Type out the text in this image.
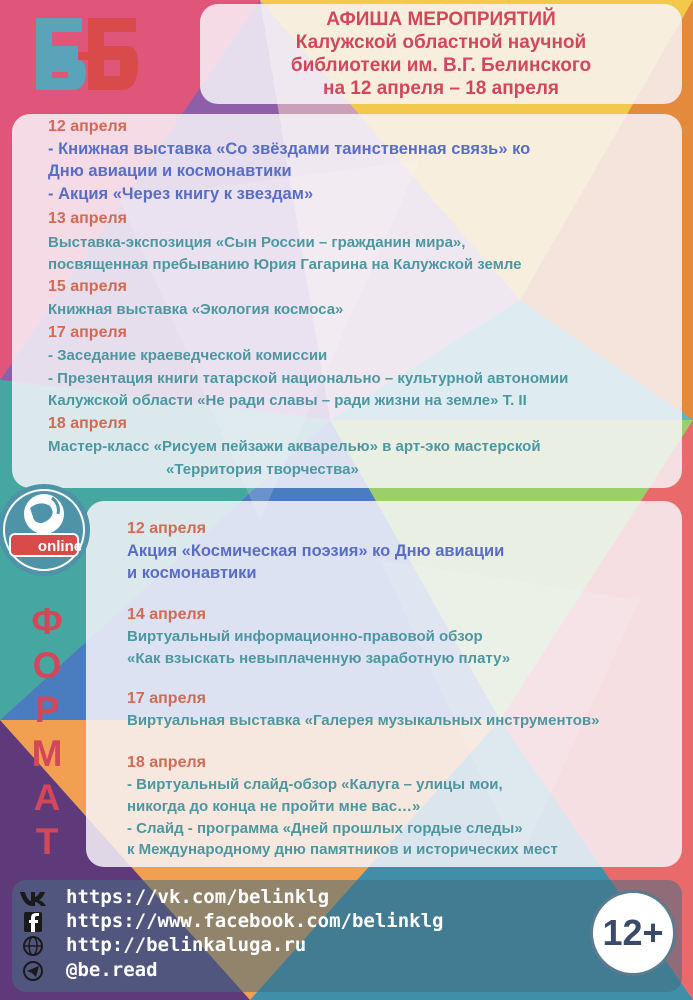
АФИША МЕРОПРИЯТИЙ
Калужской областной научной
библиотеки им. В.Г. Белинского
на 12 апреля – 18 апреля
12 апреля
- Книжная выставка «Со звёздами таинственная связь» ко
Дню авиации и космонавтики
- Акция «Через книгу к звездам»
13 апреля
Выставка-экспозиция «Сын России – гражданин мира»,
посвященная пребыванию Юрия Гагарина на Калужской земле
15 апреля
Книжная выставка «Экология космоса»
17 апреля
- Заседание краеведческой комиссии
- Презентация книги татарской национально – культурной автономии
Калужской области «Не ради славы – ради жизни на земле» Т. II
18 апреля
Мастер-класс «Рисуем пейзажи акварелью» в арт-эко мастерской
«Территория творчества»
online
Ф
О
Р
М
А
Т
12 апреля
Акция «Космическая поэзия» ко Дню авиации
и космонавтики
14 апреля
Виртуальный информационно-правовой обзор
«Как взыскать невыплаченную заработную плату»
17 апреля
Виртуальная выставка «Галерея музыкальных инструментов»
18 апреля
- Виртуальный слайд-обзор «Калуга – улицы мои,
никогда до конца не пройти мне вас…»
- Слайд - программа «Дней прошлых гордые следы»
к Международному дню памятников и исторических мест
https://vk.com/belinklg
https://www.facebook.com/belinklg
http://belinkaluga.ru
@be.read
12+
